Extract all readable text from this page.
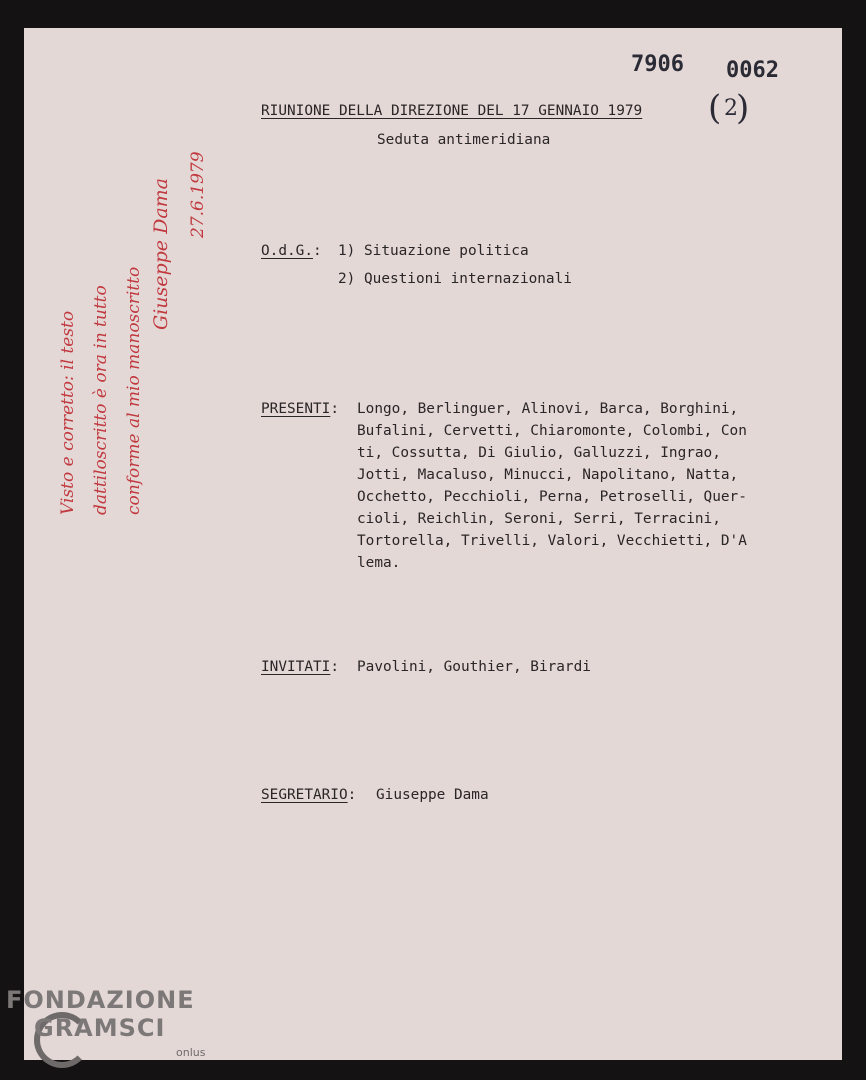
7906 0062
( 2
)
RIUNIONE DELLA DIREZIONE DEL 17 GENNAIO 1979
Seduta antimeridiana
O.d.G.: 1) Situazione politica
2) Questioni internazionali
PRESENTI: Longo, Berlinguer, Alinovi, Barca, Borghini,
Bufalini, Cervetti, Chiaromonte, Colombi, Con
ti, Cossutta, Di Giulio, Galluzzi, Ingrao,
Jotti, Macaluso, Minucci, Napolitano, Natta,
Occhetto, Pecchioli, Perna, Petroselli, Quer-
cioli, Reichlin, Seroni, Serri, Terracini,
Tortorella, Trivelli, Valori, Vecchietti, D'A
lema.
INVITATI: Pavolini, Gouthier, Birardi
SEGRETARIO: Giuseppe Dama
Visto e corretto: il testo dattiloscritto è ora in tutto conforme al mio manoscritto
Giuseppe Dama 27.6.1979
FONDAZIONE
GRAMSCI
onlus
